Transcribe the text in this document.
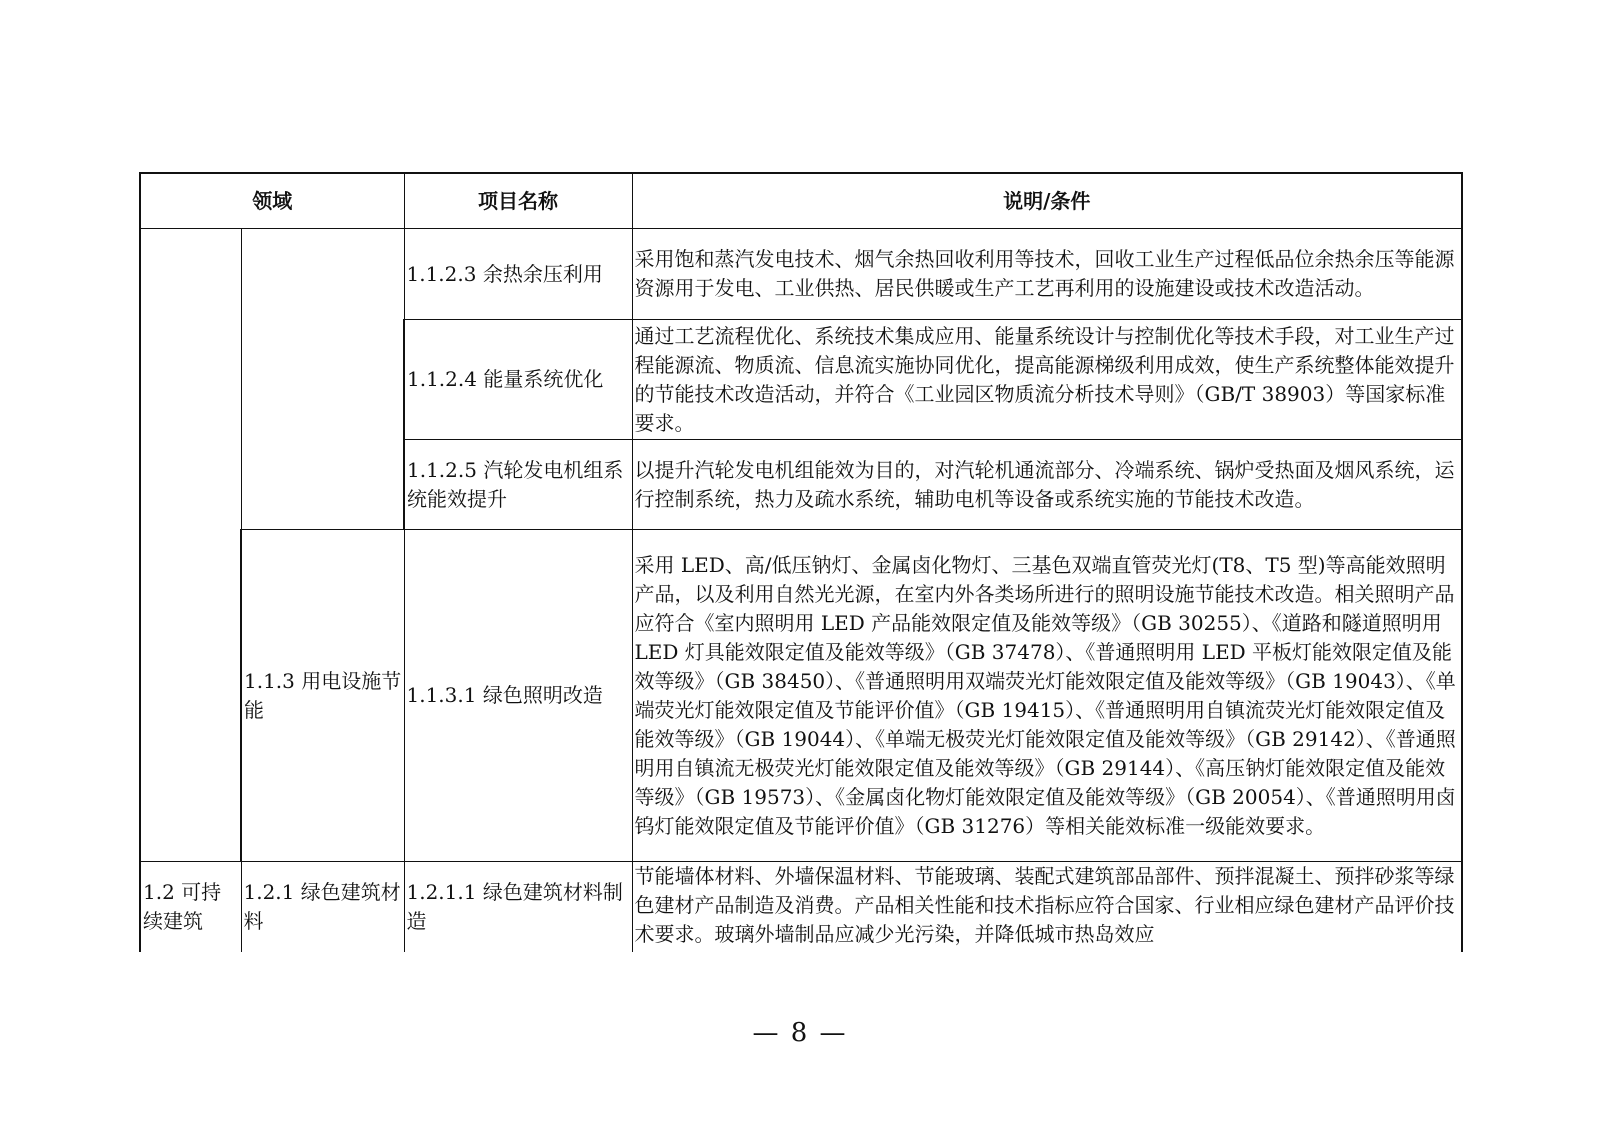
领域		项目名称	说明/条件
		1.1.2.3 余热余压利用	采用饱和蒸汽发电技术、烟气余热回收利用等技术，回收工业生产过程低品位余热余压等能源资源用于发电、工业供热、居民供暖或生产工艺再利用的设施建设或技术改造活动。
		1.1.2.4 能量系统优化	通过工艺流程优化、系统技术集成应用、能量系统设计与控制优化等技术手段，对工业生产过程能源流、物质流、信息流实施协同优化，提高能源梯级利用成效，使生产系统整体能效提升的节能技术改造活动，并符合《工业园区物质流分析技术导则》（GB/T 38903）等国家标准要求。
		1.1.2.5 汽轮发电机组系统能效提升	以提升汽轮发电机组能效为目的，对汽轮机通流部分、冷端系统、锅炉受热面及烟风系统，运行控制系统，热力及疏水系统，辅助电机等设备或系统实施的节能技术改造。
	1.1.3 用电设施节能	1.1.3.1 绿色照明改造	采用 LED、高/低压钠灯、金属卤化物灯、三基色双端直管荧光灯(T8、T5 型)等高能效照明产品，以及利用自然光光源，在室内外各类场所进行的照明设施节能技术改造。相关照明产品应符合《室内照明用 LED 产品能效限定值及能效等级》（GB 30255）、《道路和隧道照明用 LED 灯具能效限定值及能效等级》（GB 37478）、《普通照明用 LED 平板灯能效限定值及能效等级》（GB 38450）、《普通照明用双端荧光灯能效限定值及能效等级》（GB 19043）、《单端荧光灯能效限定值及节能评价值》（GB 19415）、《普通照明用自镇流荧光灯能效限定值及能效等级》（GB 19044）、《单端无极荧光灯能效限定值及能效等级》（GB 29142）、《普通照明用自镇流无极荧光灯能效限定值及能效等级》（GB 29144）、《高压钠灯能效限定值及能效等级》（GB 19573）、《金属卤化物灯能效限定值及能效等级》（GB 20054）、《普通照明用卤钨灯能效限定值及节能评价值》（GB 31276）等相关能效标准一级能效要求。
1.2 可持续建筑	1.2.1 绿色建筑材料	1.2.1.1 绿色建筑材料制造	节能墙体材料、外墙保温材料、节能玻璃、装配式建筑部品部件、预拌混凝土、预拌砂浆等绿色建材产品制造及消费。产品相关性能和技术指标应符合国家、行业相应绿色建材产品评价技术要求。玻璃外墙制品应减少光污染，并降低城市热岛效应
— 8 —
